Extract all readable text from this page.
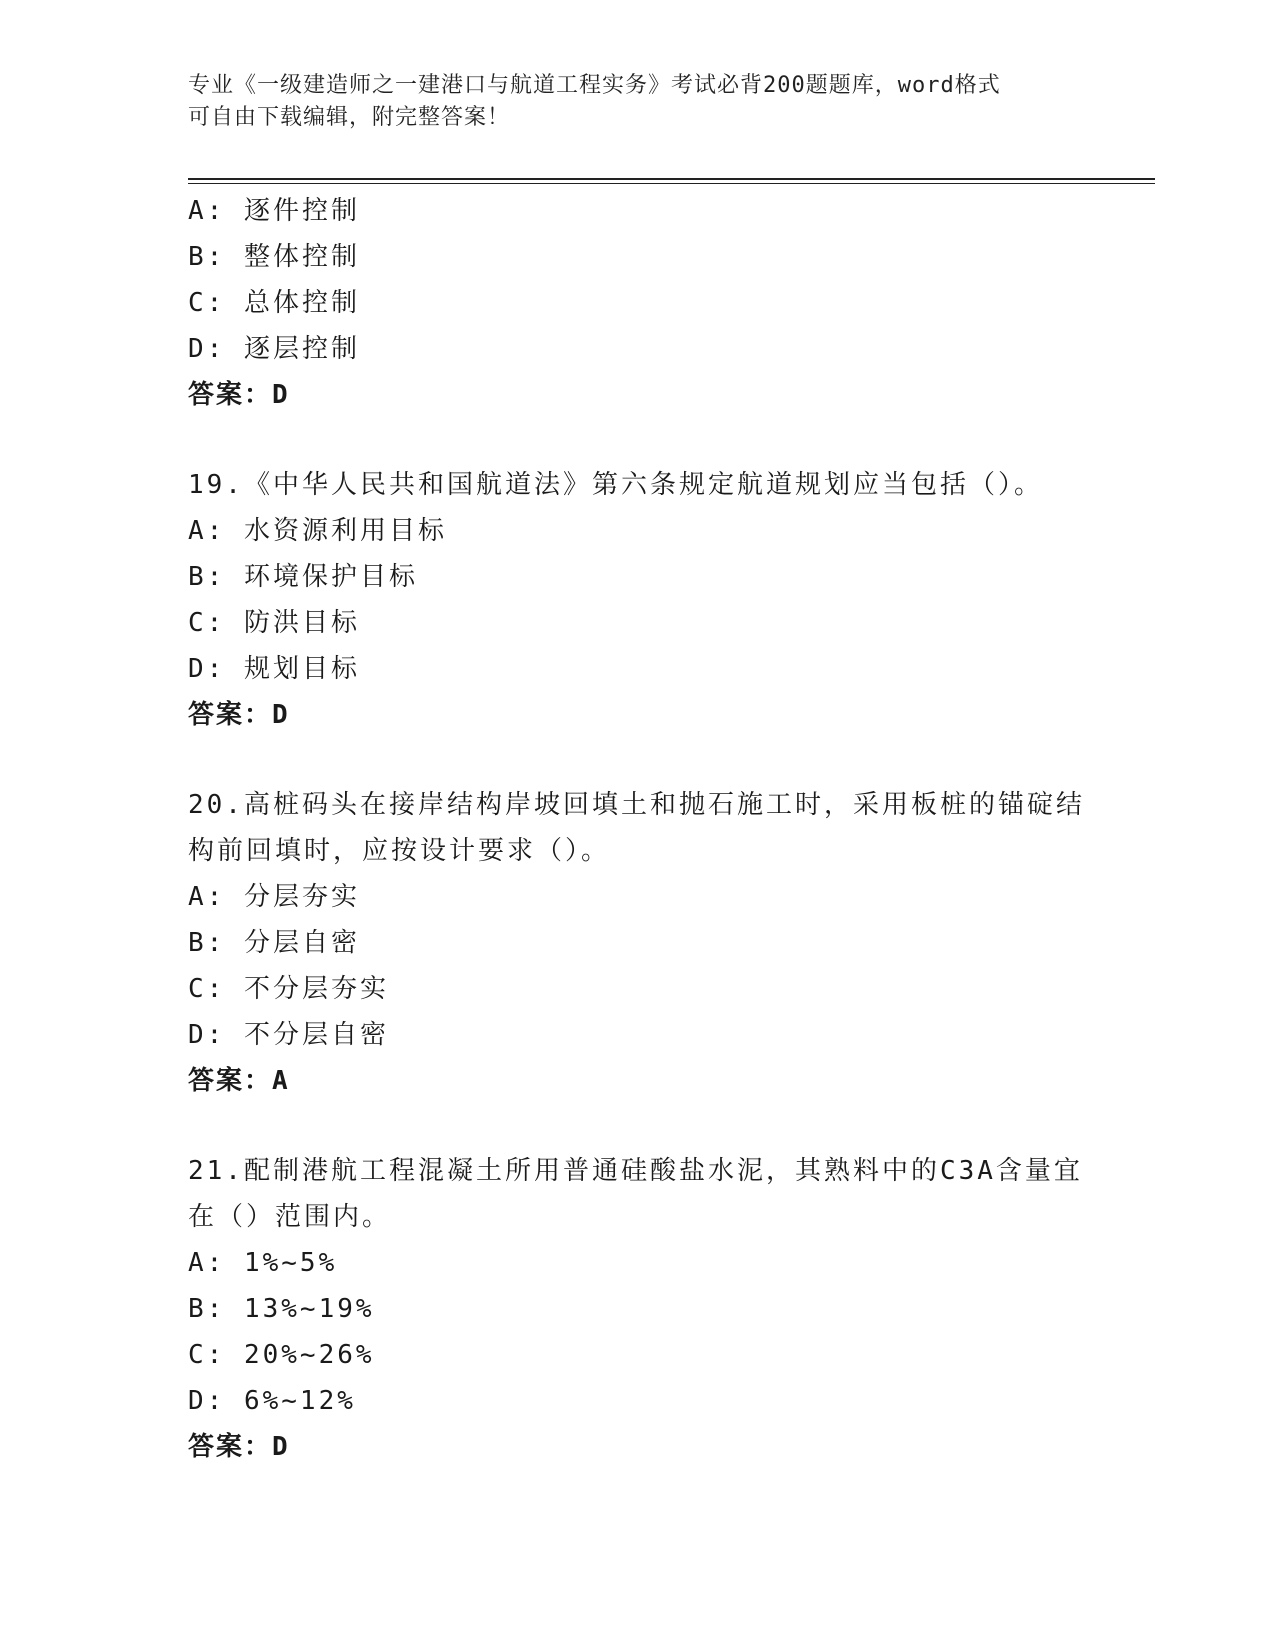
专业《一级建造师之一建港口与航道工程实务》考试必背200题题库，word格式
可自由下载编辑，附完整答案！
A: 逐件控制
B: 整体控制
C: 总体控制
D: 逐层控制
答案：D
19.《中华人民共和国航道法》第六条规定航道规划应当包括（）。
A: 水资源利用目标
B: 环境保护目标
C: 防洪目标
D: 规划目标
答案：D
20.高桩码头在接岸结构岸坡回填土和抛石施工时，采用板桩的锚碇结
构前回填时，应按设计要求（）。
A: 分层夯实
B: 分层自密
C: 不分层夯实
D: 不分层自密
答案：A
21.配制港航工程混凝土所用普通硅酸盐水泥，其熟料中的C3A含量宜
在（）范围内。
A: 1%~5%
B: 13%~19%
C: 20%~26%
D: 6%~12%
答案：D
